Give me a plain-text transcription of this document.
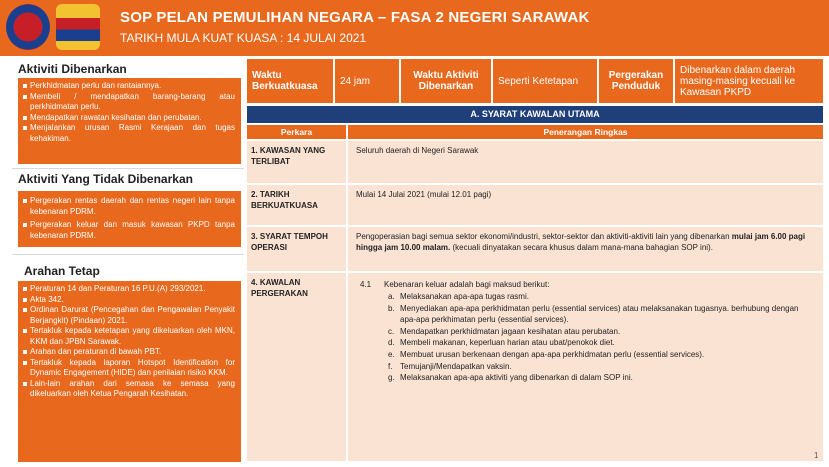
SOP PELAN PEMULIHAN NEGARA – FASA 2 NEGERI SARAWAK
TARIKH MULA KUAT KUASA : 14 JULAI 2021
Aktiviti Dibenarkan
Perkhidmatan perlu dan rantaiannya.
Membeli / mendapatkan barang-barang atau perkhidmatan perlu.
Mendapatkan rawatan kesihatan dan perubatan.
Menjalankan urusan Rasmi Kerajaan dan tugas kehakiman.
Aktiviti Yang Tidak Dibenarkan
Pergerakan rentas daerah dan rentas negeri lain tanpa kebenaran PDRM.
Pergerakan keluar dan masuk kawasan PKPD tanpa kebenaran PDRM.
Arahan Tetap
Peraturan 14 dan Peraturan 16 P.U.(A) 293/2021.
Akta 342.
Ordinan Darurat (Pencegahan dan Pengawalan Penyakit Berjangkit) (Pindaan) 2021.
Tertakluk kepada ketetapan yang dikeluarkan oleh MKN, KKM dan JPBN Sarawak.
Arahan dan peraturan di bawah PBT.
Tertakluk kepada laporan Hotspot Identification for Dynamic Engagement (HIDE) dan penilaian risiko KKM.
Lain-lain arahan dari semasa ke semasa yang dikeluarkan oleh Ketua Pengarah Kesihatan.
Waktu Berkuatkuasa	24 jam	Waktu Aktiviti Dibenarkan	Seperti Ketetapan	Pergerakan Penduduk
Dibenarkan dalam daerah masing-masing kecuali ke Kawasan PKPD
A. SYARAT KAWALAN UTAMA
Perkara	Penerangan Ringkas
1. KAWASAN YANG TERLIBAT
Seluruh daerah di Negeri Sarawak
2. TARIKH BERKUATKUASA
Mulai 14 Julai 2021 (mulai 12.01 pagi)
3. SYARAT TEMPOH OPERASI
Pengoperasian bagi semua sektor ekonomi/industri, sektor-sektor dan aktiviti-aktiviti lain yang dibenarkan mulai jam 6.00 pagi hingga jam 10.00 malam. (kecuali dinyatakan secara khusus dalam mana-mana bahagian SOP ini).
4. KAWALAN PERGERAKAN
4.1 Kebenaran keluar adalah bagi maksud berikut:
a. Melaksanakan apa-apa tugas rasmi.
b. Menyediakan apa-apa perkhidmatan perlu (essential services) atau melaksanakan tugasnya. berhubung dengan apa-apa perkhimatan perlu (essential services).
c. Mendapatkan perkhidmatan jagaan kesihatan atau perubatan.
d. Membeli makanan, keperluan harian atau ubat/penokok diet.
e. Membuat urusan berkenaan dengan apa-apa perkhidmatan perlu (essential services).
f. Temujanji/Mendapatkan vaksin.
g. Melaksanakan apa-apa aktiviti yang dibenarkan di dalam SOP ini.
1
